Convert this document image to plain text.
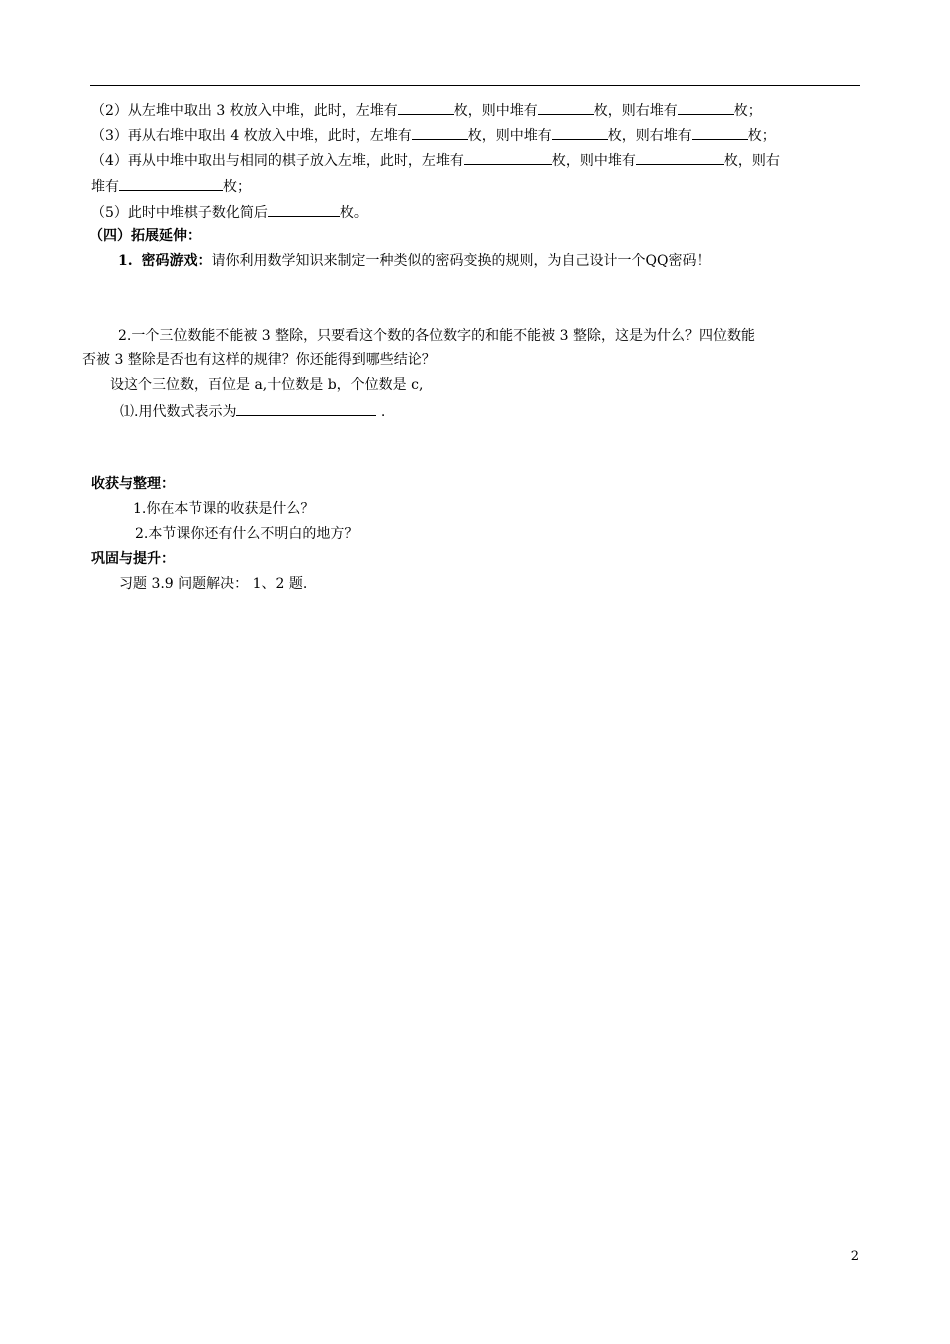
（2）从左堆中取出 3 枚放入中堆，此时，左堆有	枚，则中堆有	枚，则右堆有	枚；
（3）再从右堆中取出 4 枚放入中堆，此时，左堆有	枚，则中堆有	枚，则右堆有	枚；
（4）再从中堆中取出与相同的棋子放入左堆，此时，左堆有	枚，则中堆有	枚，则右
堆有	枚；
（5）此时中堆棋子数化简后	枚。
（四）拓展延伸：
1. 密码游戏：请你利用数学知识来制定一种类似的密码变换的规则，为自己设计一个QQ密码！
2.一个三位数能不能被 3 整除，只要看这个数的各位数字的和能不能被 3 整除，这是为什么？四位数能
否被 3 整除是否也有这样的规律？你还能得到哪些结论？
设这个三位数，百位是 a,十位数是 b，个位数是 c,
⑴.用代数式表示为	.
收获与整理：
1.你在本节课的收获是什么？
2.本节课你还有什么不明白的地方？
巩固与提升：
习题 3.9 问题解决： 1、2 题.
2
